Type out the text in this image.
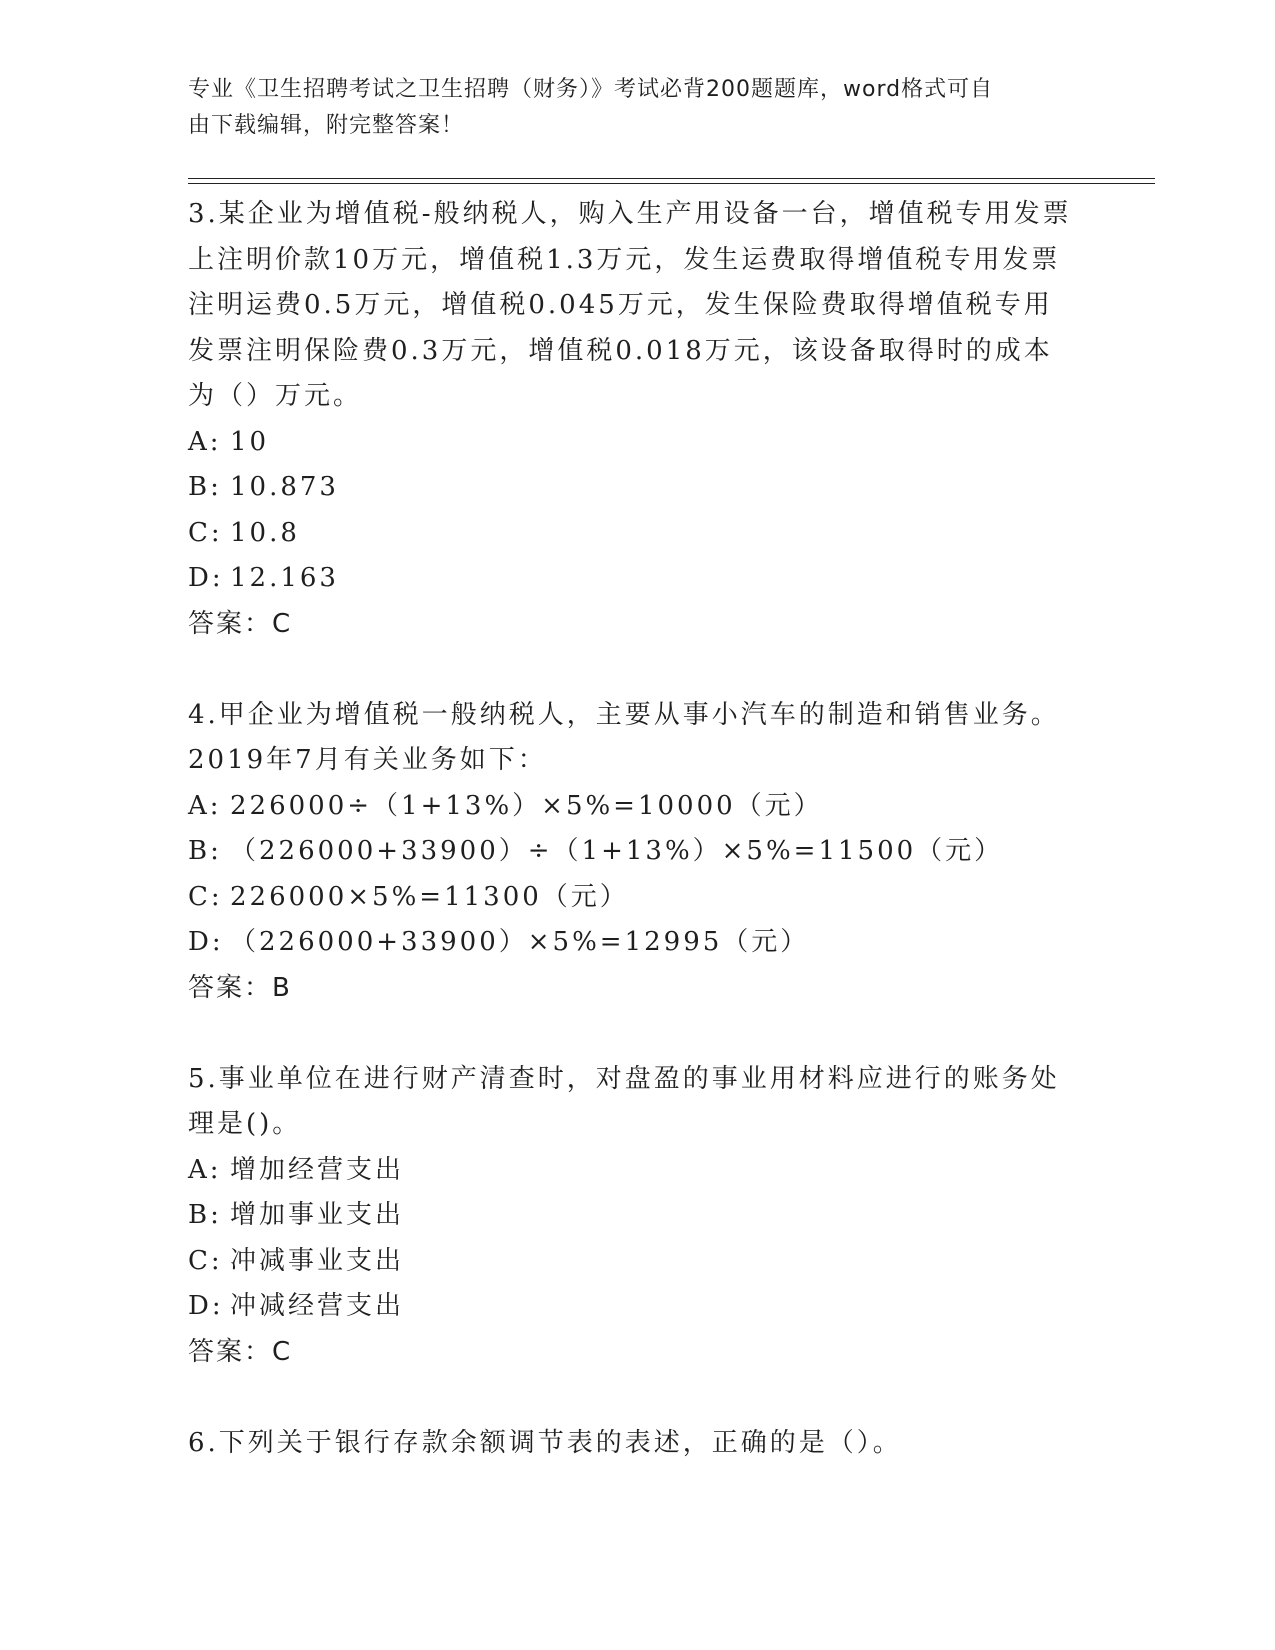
专业《卫生招聘考试之卫生招聘（财务）》考试必背200题题库，word格式可自
由下载编辑，附完整答案！
3.某企业为增值税-般纳税人，购入生产用设备一台，增值税专用发票
上注明价款10万元，增值税1.3万元，发生运费取得增值税专用发票
注明运费0.5万元，增值税0.045万元，发生保险费取得增值税专用
发票注明保险费0.3万元，增值税0.018万元，该设备取得时的成本
为（）万元。
A: 10
B: 10.873
C: 10.8
D: 12.163
答案：C
4.甲企业为增值税一般纳税人，主要从事小汽车的制造和销售业务。
2019年7月有关业务如下：
A: 226000÷（1+13%）×5%=10000（元）
B: （226000+33900）÷（1+13%）×5%=11500（元）
C: 226000×5%=11300（元）
D: （226000+33900）×5%=12995（元）
答案：B
5.事业单位在进行财产清查时，对盘盈的事业用材料应进行的账务处
理是()。
A: 增加经营支出
B: 增加事业支出
C: 冲减事业支出
D: 冲减经营支出
答案：C
6.下列关于银行存款余额调节表的表述，正确的是（）。
